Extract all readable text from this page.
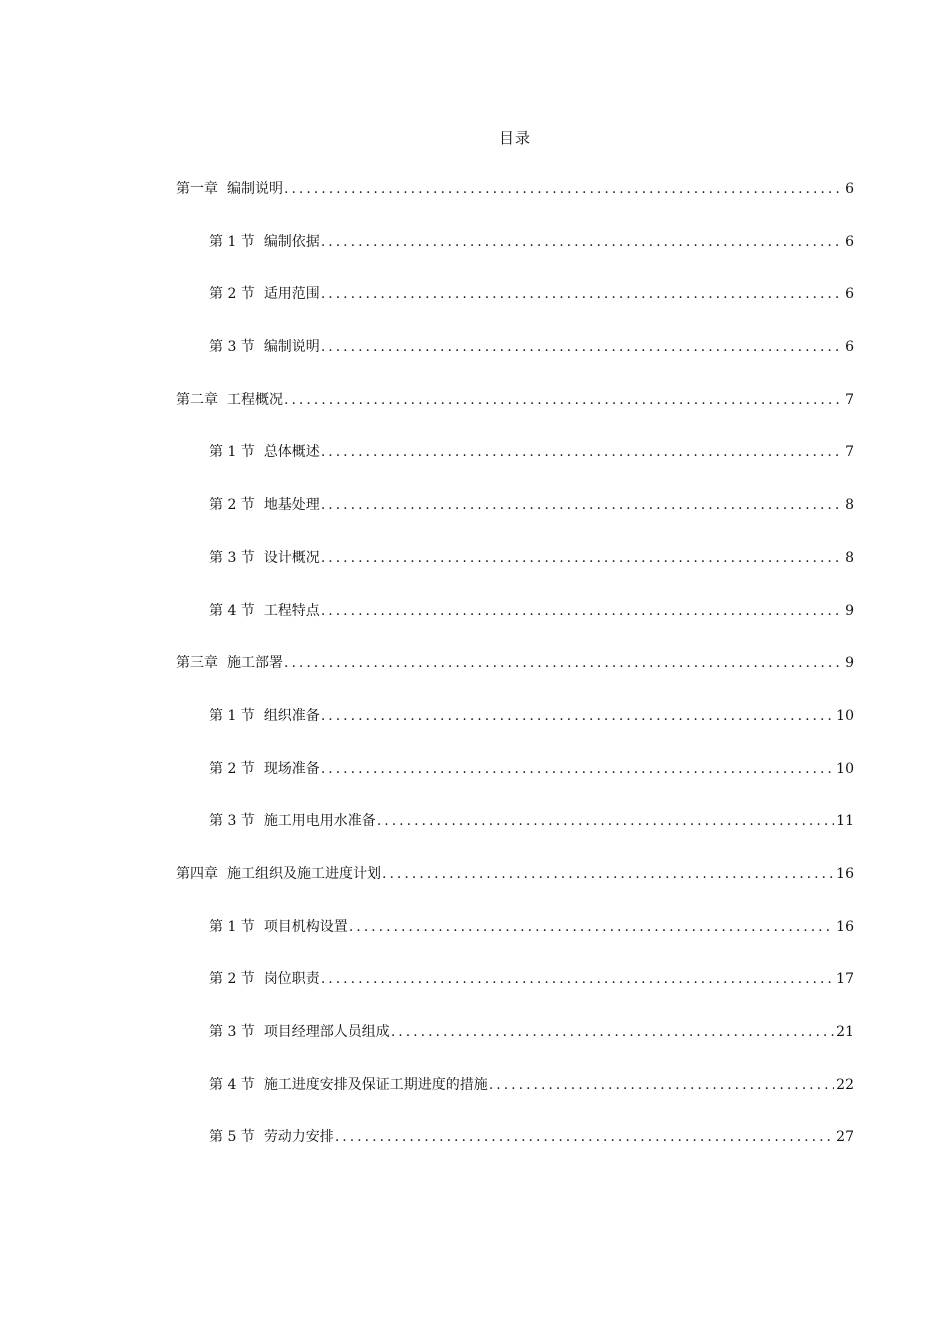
目录
第一章 编制说明 .....	6
第 1 节 编制依据 .....	6
第 2 节 适用范围 .....	6
第 3 节 编制说明 .....	6
第二章 工程概况 .....	7
第 1 节 总体概述 .....	7
第 2 节 地基处理 .....	8
第 3 节 设计概况 .....	8
第 4 节 工程特点 .....	9
第三章 施工部署 .....	9
第 1 节 组织准备 .....	10
第 2 节 现场准备 .....	10
第 3 节 施工用电用水准备 .....	11
第四章 施工组织及施工进度计划 .....	16
第 1 节 项目机构设置 .....	16
第 2 节 岗位职责 .....	17
第 3 节 项目经理部人员组成 .....	21
第 4 节 施工进度安排及保证工期进度的措施 .....	22
第 5 节 劳动力安排 .....	27
